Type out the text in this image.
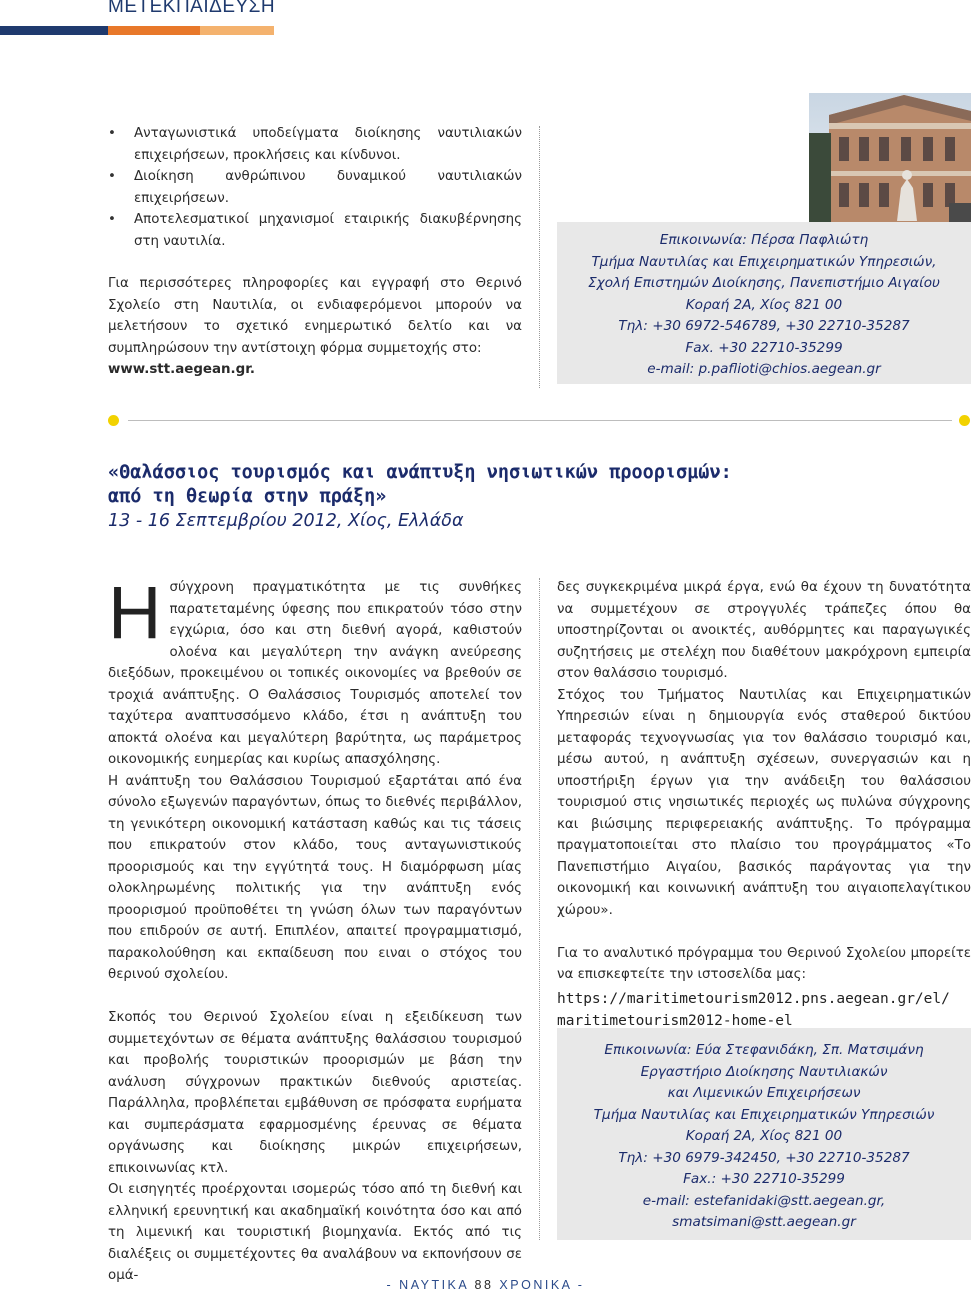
ΜΕΤΕΚΠΑΙΔΕΥΣΗ
• Ανταγωνιστικά υποδείγματα διοίκησης ναυτιλιακών επιχειρήσεων, προκλήσεις και κίνδυνοι.
• Διοίκηση ανθρώπινου δυναμικού ναυτιλιακών επιχειρήσεων.
• Αποτελεσματικοί μηχανισμοί εταιρικής διακυβέρνησης στη ναυτιλία.

Για περισσότερες πληροφορίες και εγγραφή στο Θερινό Σχολείο στη Ναυτιλία, οι ενδιαφερόμενοι μπορούν να μελετήσουν το σχετικό ενημερωτικό δελτίο και να συμπληρώσουν την αντίστοιχη φόρμα συμμετοχής στο:
www.stt.aegean.gr.

Επικοινωνία: Πέρσα Παφλιώτη
Τμήμα Ναυτιλίας και Επιχειρηματικών Υπηρεσιών,
Σχολή Επιστημών Διοίκησης, Πανεπιστήμιο Αιγαίου
Κοραή 2Α, Χίος 821 00
Τηλ: +30 6972-546789, +30 22710-35287
Fax. +30 22710-35299
e-mail: p.paflioti@chios.aegean.gr
«Θαλάσσιος τουρισμός και ανάπτυξη νησιωτικών προορισμών:
από τη θεωρία στην πράξη»
13 - 16 Σεπτεμβρίου 2012, Χίος, Ελλάδα

Η σύγχρονη πραγματικότητα με τις συνθήκες παρατεταμένης ύφεσης που επικρατούν τόσο στην εγχώρια, όσο και στη διεθνή αγορά, καθιστούν ολοένα και μεγαλύτερη την ανάγκη ανεύρεσης διεξόδων, προκειμένου οι τοπικές οικονομίες να βρεθούν σε τροχιά ανάπτυξης. Ο Θαλάσσιος Τουρισμός αποτελεί τον ταχύτερα αναπτυσσόμενο κλάδο, έτσι η ανάπτυξη του αποκτά ολοένα και μεγαλύτερη βαρύτητα, ως παράμετρος οικονομικής ευημερίας και κυρίως απασχόλησης.

Η ανάπτυξη του Θαλάσσιου Τουρισμού εξαρτάται από ένα σύνολο εξωγενών παραγόντων, όπως το διεθνές περιβάλλον, τη γενικότερη οικονομική κατάσταση καθώς και τις τάσεις που επικρατούν στον κλάδο, τους ανταγωνιστικούς προορισμούς και την εγγύτητά τους. Η διαμόρφωση μίας ολοκληρωμένης πολιτικής για την ανάπτυξη ενός προορισμού προϋποθέτει τη γνώση όλων των παραγόντων που επιδρούν σε αυτή. Επιπλέον, απαιτεί προγραμματισμό, παρακολούθηση και εκπαίδευση που ειναι ο στόχος του θερινού σχολείου.

Σκοπός του Θερινού Σχολείου είναι η εξειδίκευση των συμμετεχόντων σε θέματα ανάπτυξης θαλάσσιου τουρισμού και προβολής τουριστικών προορισμών με βάση την ανάλυση σύγχρονων πρακτικών διεθνούς αριστείας. Παράλληλα, προβλέπεται εμβάθυνση σε πρόσφατα ευρήματα και συμπεράσματα εφαρμοσμένης έρευνας σε θέματα οργάνωσης και διοίκησης μικρών επιχειρήσεων, επικοινωνίας κτλ.

Οι εισηγητές προέρχονται ισομερώς τόσο από τη διεθνή και ελληνική ερευνητική και ακαδημαϊκή κοινότητα όσο και από τη λιμενική και τουριστική βιομηχανία. Εκτός από τις διαλέξεις οι συμμετέχοντες θα αναλάβουν να εκπονήσουν σε ομά-

δες συγκεκριμένα μικρά έργα, ενώ θα έχουν τη δυνατότητα να συμμετέχουν σε στρογγυλές τράπεζες όπου θα υποστηρίζονται οι ανοικτές, αυθόρμητες και παραγωγικές συζητήσεις με στελέχη που διαθέτουν μακρόχρονη εμπειρία στον θαλάσσιο τουρισμό.

Στόχος του Τμήματος Ναυτιλίας και Επιχειρηματικών Υπηρεσιών είναι η δημιουργία ενός σταθερού δικτύου μεταφοράς τεχνογνωσίας για τον θαλάσσιο τουρισμό και, μέσω αυτού, η ανάπτυξη σχέσεων, συνεργασιών και η υποστήριξη έργων για την ανάδειξη του θαλάσσιου τουρισμού στις νησιωτικές περιοχές ως πυλώνα σύγχρονης και βιώσιμης περιφερειακής ανάπτυξης. Το πρόγραμμα πραγματοποιείται στο πλαίσιο του προγράμματος «Το Πανεπιστήμιο Αιγαίου, βασικός παράγοντας για την οικονομική και κοινωνική ανάπτυξη του αιγαιοπελαγίτικου χώρου».

Για το αναλυτικό πρόγραμμα του Θερινού Σχολείου μπορείτε να επισκεφτείτε την ιστοσελίδα μας:

https://maritimetourism2012.pns.aegean.gr/el/
maritimetourism2012-home-el
Επικοινωνία: Εύα Στεφανιδάκη, Σπ. Ματσιμάνη
Εργαστήριο Διοίκησης Ναυτιλιακών
και Λιμενικών Επιχειρήσεων
Τμήμα Ναυτιλίας και Επιχειρηματικών Υπηρεσιών
Κοραή 2Α, Χίος 821 00
Τηλ: +30 6979-342450, +30 22710-35287
Fax.: +30 22710-35299
e-mail: estefanidaki@stt.aegean.gr,
smatsimani@stt.aegean.gr
- ΝΑΥΤΙΚΑ 88 ΧΡΟΝΙΚΑ -
